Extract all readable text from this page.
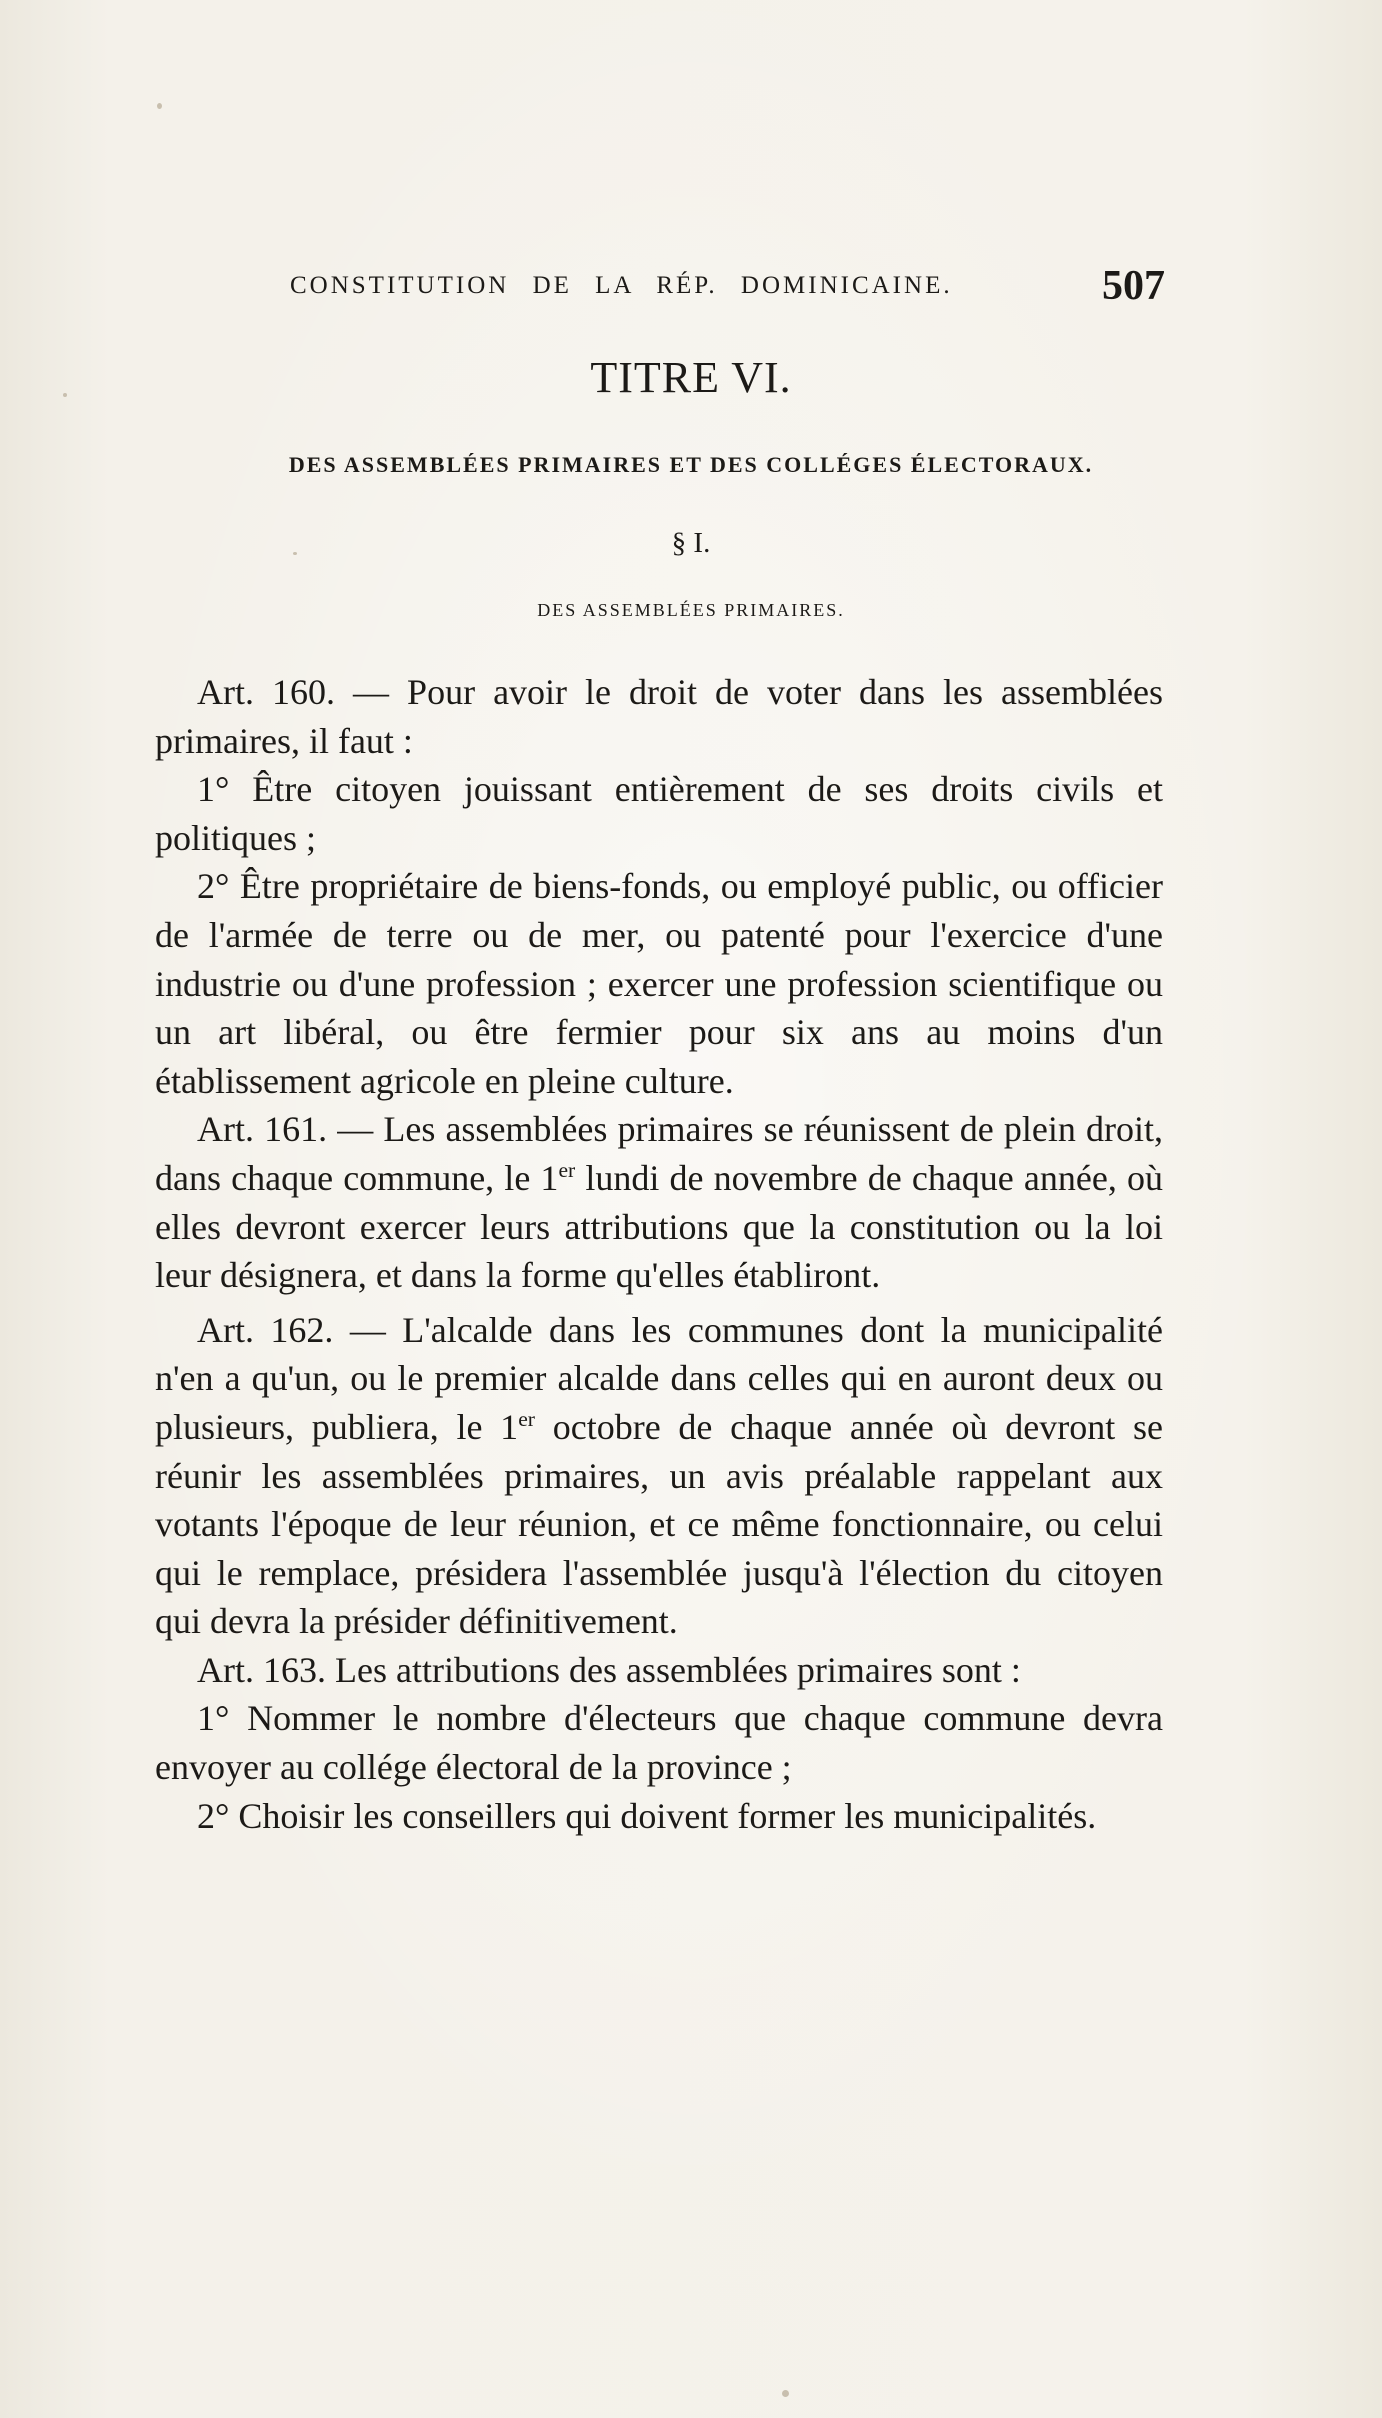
CONSTITUTION DE LA RÉP. DOMINICAINE.	507
TITRE VI.
DES ASSEMBLÉES PRIMAIRES ET DES COLLÉGES ÉLECTORAUX.
§ I.
DES ASSEMBLÉES PRIMAIRES.

Art. 160. — Pour avoir le droit de voter dans les assemblées primaires, il faut :

1° Être citoyen jouissant entièrement de ses droits civils et politiques ;

2° Être propriétaire de biens-fonds, ou employé public, ou officier de l'armée de terre ou de mer, ou patenté pour l'exercice d'une industrie ou d'une profession ; exercer une profession scientifique ou un art libéral, ou être fermier pour six ans au moins d'un établissement agricole en pleine culture.

Art. 161. — Les assemblées primaires se réunissent de plein droit, dans chaque commune, le 1er lundi de novembre de chaque année, où elles devront exercer leurs attributions que la constitution ou la loi leur désignera, et dans la forme qu'elles établiront.

Art. 162. — L'alcalde dans les communes dont la municipalité n'en a qu'un, ou le premier alcalde dans celles qui en auront deux ou plusieurs, publiera, le 1er octobre de chaque année où devront se réunir les assemblées primaires, un avis préalable rappelant aux votants l'époque de leur réunion, et ce même fonctionnaire, ou celui qui le remplace, présidera l'assemblée jusqu'à l'élection du citoyen qui devra la présider définitivement.

Art. 163. Les attributions des assemblées primaires sont :

1° Nommer le nombre d'électeurs que chaque commune devra envoyer au collége électoral de la province ;

2° Choisir les conseillers qui doivent former les municipalités.
